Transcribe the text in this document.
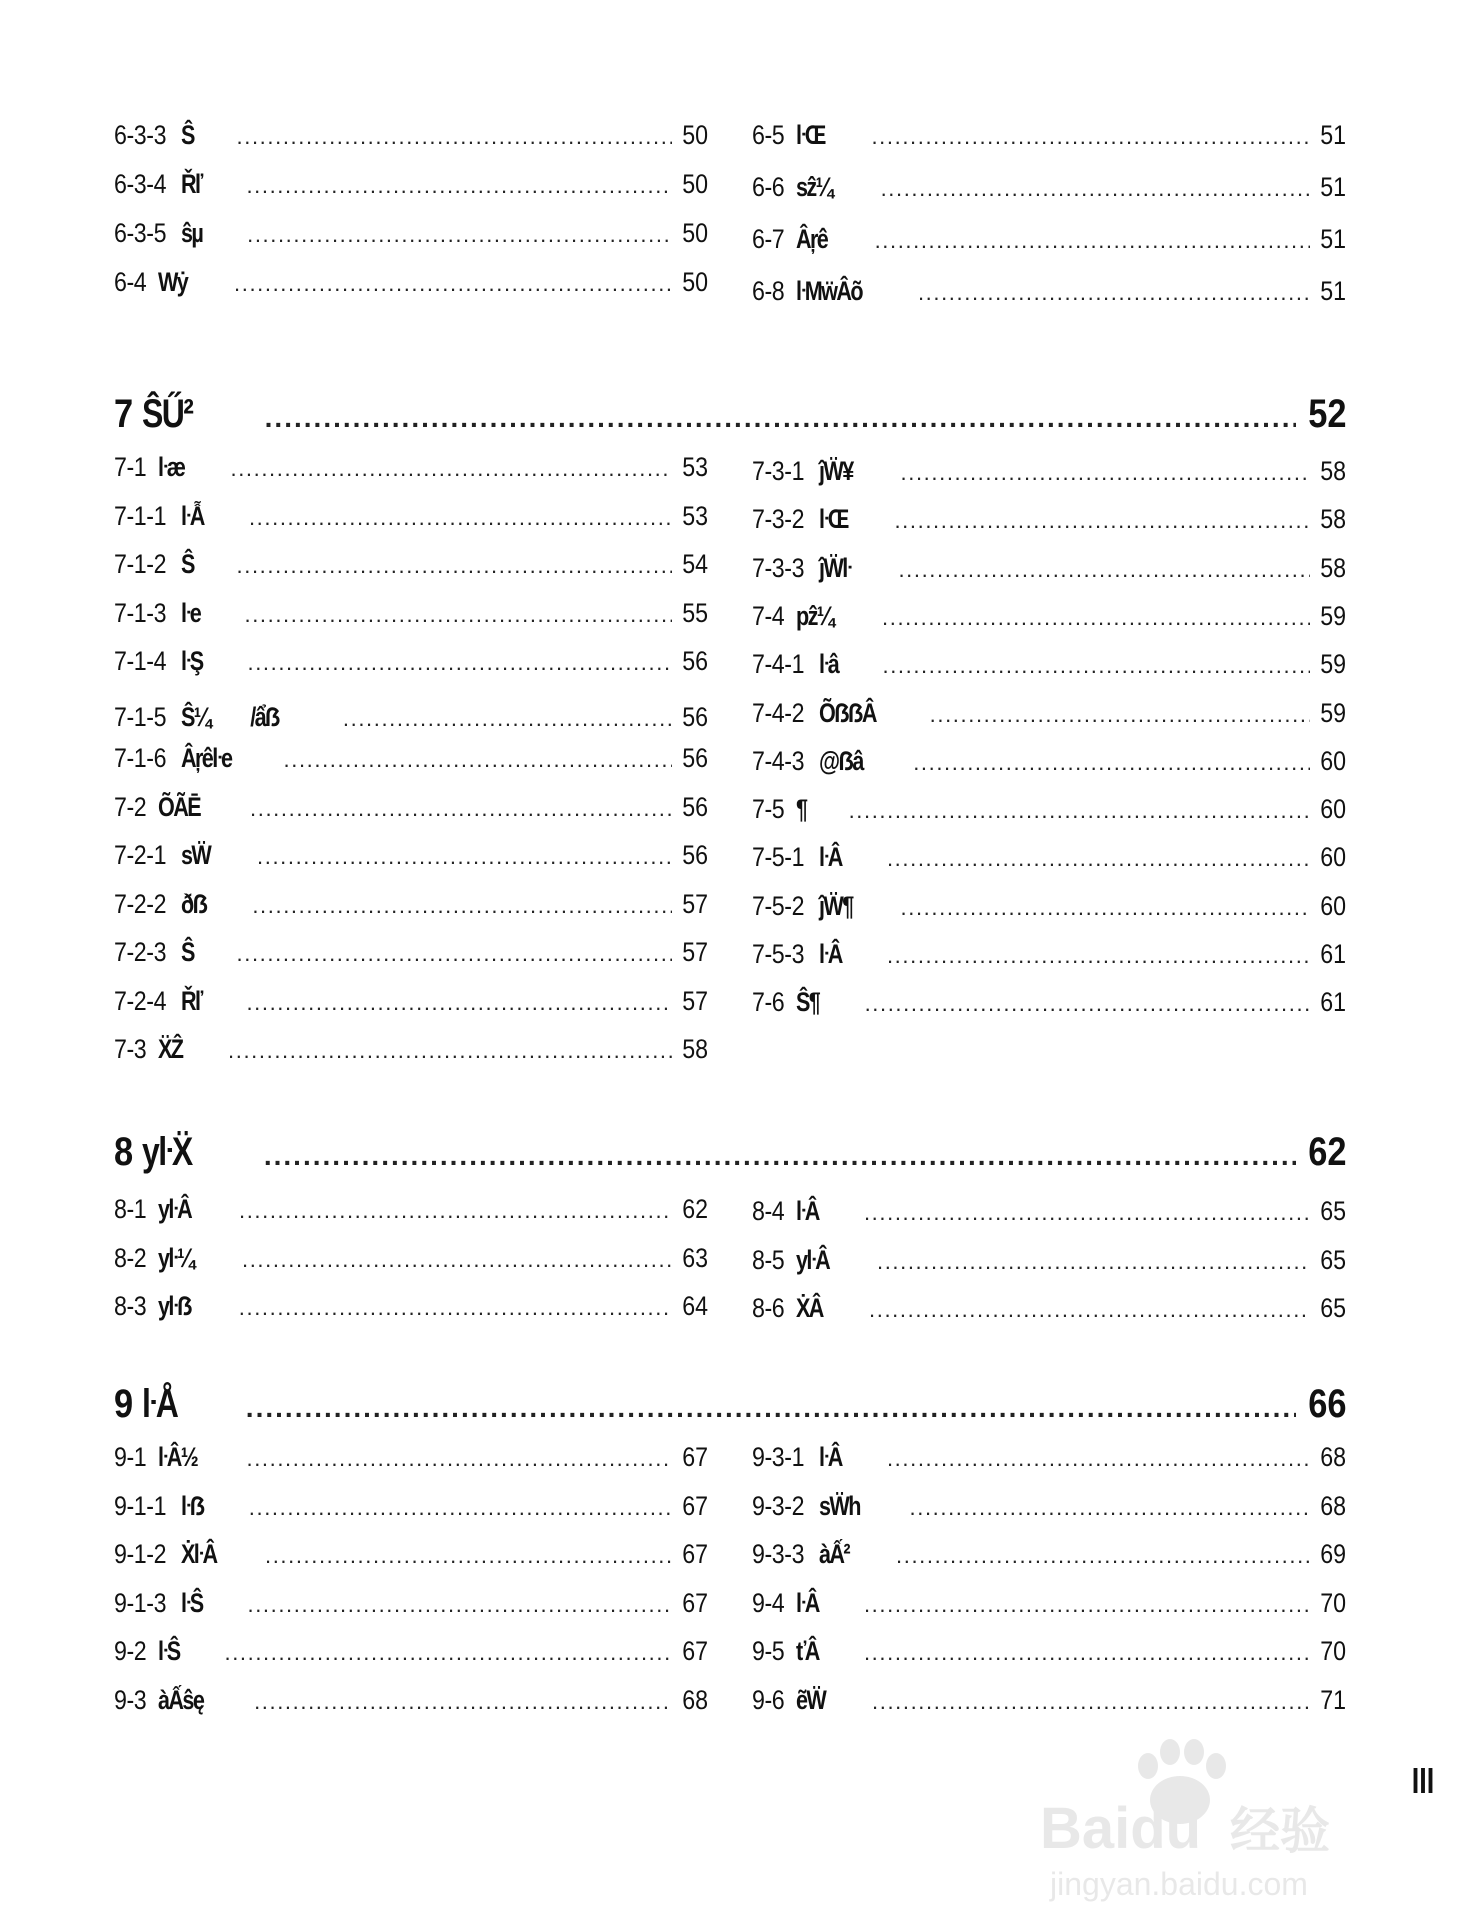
6-3-3 Ŝ .....	50
6-3-4 Řľ .....	50
6-3-5 ŝµ .....	50
6-4 Wẏ .....	50
6-5 ŀŒ .....	51
6-6 sẑ¼ .....	51
6-7 Âŗê .....	51
6-8 ŀMẅÂõ .....	51
7 ŜŰ² .....	52
7-1 ŀæ .....	53
7-1-1 ŀẪ .....	53
7-1-2 Ŝ .....	54
7-1-3 ŀe .....	55
7-1-4 ŀŞ .....	56
7-1-5 Ŝ¼　　/ẩẞ .....	56
7-1-6 Âŗêŀe .....	56
7-2 ÕÃĒ .....	56
7-2-1 sẄ .....	56
7-2-2 ðẞ .....	57
7-2-3 Ŝ .....	57
7-2-4 Řľ .....	57
7-3 ẌẐ .....	58
7-3-1 ĵẄ¥ .....	58
7-3-2 ŀŒ .....	58
7-3-3 ĵẄŀ .....	58
7-4 pẑ¼ .....	59
7-4-1 ŀâ .....	59
7-4-2 ÕẞẞÂ .....	59
7-4-3 @ẞâ .....	60
7-5 ¶ .....	60
7-5-1 ŀÂ .....	60
7-5-2 ĵẄ¶ .....	60
7-5-3 ŀÂ .....	61
7-6 Ŝ¶ .....	61
8 yŀẌ .....	62
8-1 yŀÂ .....	62
8-2 yŀ¼ .....	63
8-3 yŀẞ .....	64
8-4 ŀÂ .....	65
8-5 yŀÂ .....	65
8-6 ẊÂ .....	65
9 ŀÅ .....	66
9-1 ŀÂ½ .....	67
9-1-1 ŀẞ .....	67
9-1-2 ẊŀÂ .....	67
9-1-3 ŀŜ .....	67
9-2 ŀŜ .....	67
9-3 àẤŝę .....	68
9-3-1 ŀÂ .....	68
9-3-2 sẄh .....	68
9-3-3 àẤ² .....	69
9-4 ŀÂ .....	70
9-5 ťÂ .....	70
9-6 ẽẄ .....	71
III
Baidu 经验
jingyan.baidu.com
